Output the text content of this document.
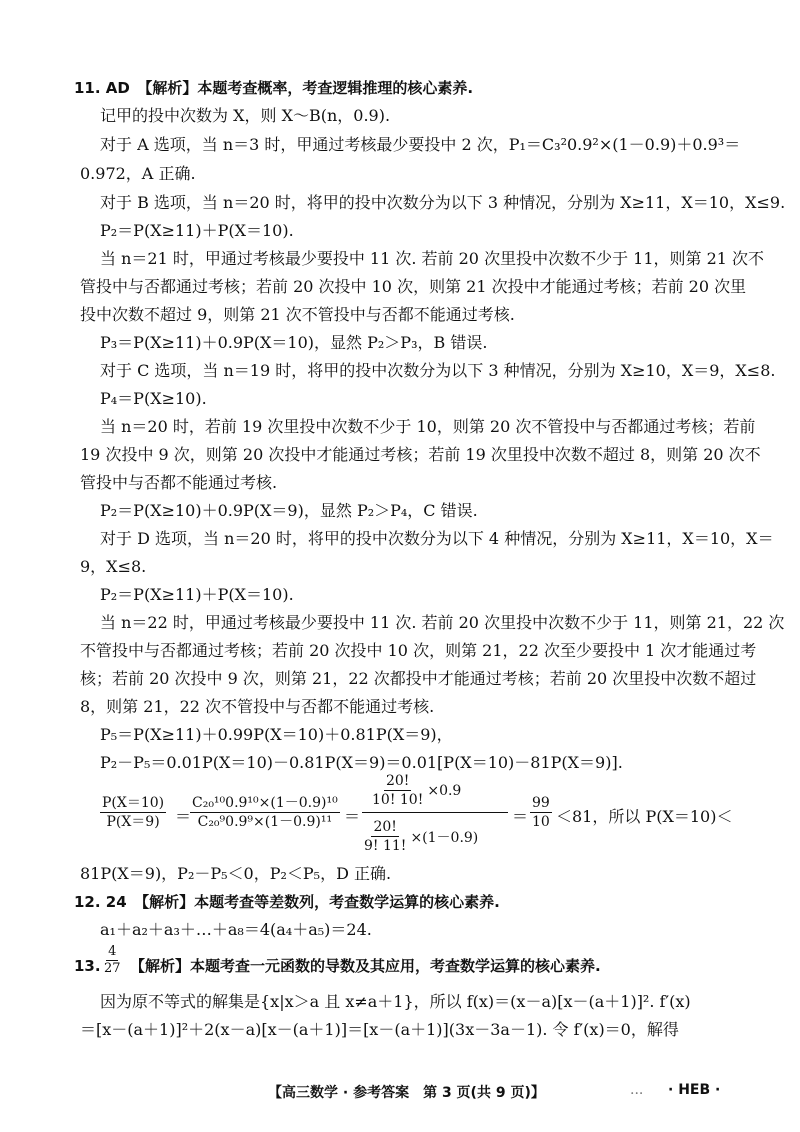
11. AD　【解析】本题考查概率，考查逻辑推理的核心素养.
记甲的投中次数为 X，则 X～B(n，0.9).
对于 A 选项，当 n＝3 时，甲通过考核最少要投中 2 次，P₁＝C₃²0.9²×(1－0.9)＋0.9³＝
0.972，A 正确.
对于 B 选项，当 n＝20 时，将甲的投中次数分为以下 3 种情况，分别为 X≥11，X＝10，X≤9.
P₂＝P(X≥11)＋P(X＝10).
当 n＝21 时，甲通过考核最少要投中 11 次. 若前 20 次里投中次数不少于 11，则第 21 次不
管投中与否都通过考核；若前 20 次投中 10 次，则第 21 次投中才能通过考核；若前 20 次里
投中次数不超过 9，则第 21 次不管投中与否都不能通过考核.
P₃＝P(X≥11)＋0.9P(X＝10)，显然 P₂＞P₃，B 错误.
对于 C 选项，当 n＝19 时，将甲的投中次数分为以下 3 种情况，分别为 X≥10，X＝9，X≤8.
P₄＝P(X≥10).
当 n＝20 时，若前 19 次里投中次数不少于 10，则第 20 次不管投中与否都通过考核；若前
19 次投中 9 次，则第 20 次投中才能通过考核；若前 19 次里投中次数不超过 8，则第 20 次不
管投中与否都不能通过考核.
P₂＝P(X≥10)＋0.9P(X＝9)，显然 P₂＞P₄，C 错误.
对于 D 选项，当 n＝20 时，将甲的投中次数分为以下 4 种情况，分别为 X≥11，X＝10，X＝
9，X≤8.
P₂＝P(X≥11)＋P(X＝10).
当 n＝22 时，甲通过考核最少要投中 11 次. 若前 20 次里投中次数不少于 11，则第 21，22 次
不管投中与否都通过考核；若前 20 次投中 10 次，则第 21，22 次至少要投中 1 次才能通过考
核；若前 20 次投中 9 次，则第 21，22 次都投中才能通过考核；若前 20 次里投中次数不超过
8，则第 21，22 次不管投中与否都不能通过考核.
P₅＝P(X≥11)＋0.99P(X＝10)＋0.81P(X＝9)，
P₂－P₅＝0.01P(X＝10)－0.81P(X＝9)＝0.01[P(X＝10)－81P(X＝9)].
$\frac{P(X=10)}{P(X=9)}$ ＝
$\frac{\text{C₂₀¹⁰0.9¹⁰×(1－0.9)¹⁰}}{\text{C₂₀⁹0.9⁹×(1－0.9)¹¹}}$ ＝
$\frac{20!}{10! 10!} \times 0.9$
$\frac{20!}{9! 11!} \times(1-0.9)$
＝ $\frac{99}{10} <81$，所以 P(X＝10)＜
81P(X＝9)，P₂－P₅＜0，P₂＜P₅，D 正确.
12. 24　【解析】本题考查等差数列，考查数学运算的核心素养.
a₁＋a₂＋a₃＋…＋a₈＝4(a₄＋a₅)＝24.
13. $\frac{4}{27}$ 【解析】本题考查一元函数的导数及其应用，考查数学运算的核心素养.
因为原不等式的解集是{x|x＞a 且 x≠a＋1}，所以 f(x)＝(x－a)[x－(a＋1)]². f′(x)
＝[x－(a＋1)]²＋2(x－a)[x－(a＋1)]＝[x－(a＋1)](3x－3a－1). 令 f′(x)＝0，解得
【高三数学 · 参考答案　第 3 页(共 9 页)】	... · HEB ·
